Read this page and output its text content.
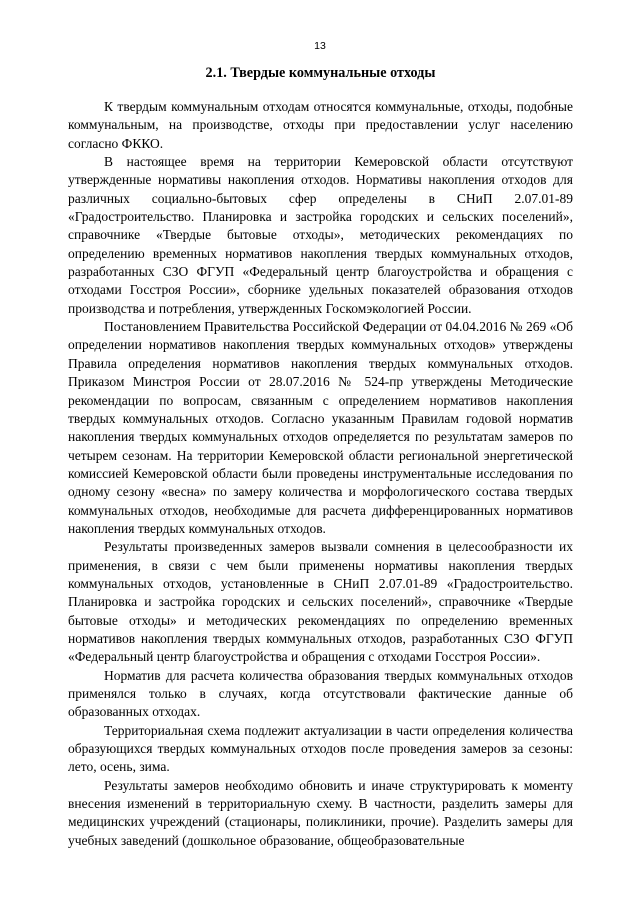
13
2.1. Твердые коммунальные отходы

К твердым коммунальным отходам относятся коммунальные, отходы, подобные коммунальным, на производстве, отходы при предоставлении услуг населению согласно ФККО.

В настоящее время на территории Кемеровской области отсутствуют утвержденные нормативы накопления отходов. Нормативы накопления отходов для различных социально-бытовых сфер определены в СНиП 2.07.01-89 «Градостроительство. Планировка и застройка городских и сельских поселений», справочнике «Твердые бытовые отходы», методических рекомендациях по определению временных нормативов накопления твердых коммунальных отходов, разработанных СЗО ФГУП «Федеральный центр благоустройства и обращения с отходами Госстроя России», сборнике удельных показателей образования отходов производства и потребления, утвержденных Госкомэкологией России.

Постановлением Правительства Российской Федерации от 04.04.2016 № 269 «Об определении нормативов накопления твердых коммунальных отходов» утверждены Правила определения нормативов накопления твердых коммунальных отходов. Приказом Минстроя России от 28.07.2016 № 524-пр утверждены Методические рекомендации по вопросам, связанным с определением нормативов накопления твердых коммунальных отходов. Согласно указанным Правилам годовой норматив накопления твердых коммунальных отходов определяется по результатам замеров по четырем сезонам. На территории Кемеровской области региональной энергетической комиссией Кемеровской области были проведены инструментальные исследования по одному сезону «весна» по замеру количества и морфологического состава твердых коммунальных отходов, необходимые для расчета дифференцированных нормативов накопления твердых коммунальных отходов.

Результаты произведенных замеров вызвали сомнения в целесообразности их применения, в связи с чем были применены нормативы накопления твердых коммунальных отходов, установленные в СНиП 2.07.01-89 «Градостроительство. Планировка и застройка городских и сельских поселений», справочнике «Твердые бытовые отходы» и методических рекомендациях по определению временных нормативов накопления твердых коммунальных отходов, разработанных СЗО ФГУП «Федеральный центр благоустройства и обращения с отходами Госстроя России».

Норматив для расчета количества образования твердых коммунальных отходов применялся только в случаях, когда отсутствовали фактические данные об образованных отходах.

Территориальная схема подлежит актуализации в части определения количества образующихся твердых коммунальных отходов после проведения замеров за сезоны: лето, осень, зима.

Результаты замеров необходимо обновить и иначе структурировать к моменту внесения изменений в территориальную схему. В частности, разделить замеры для медицинских учреждений (стационары, поликлиники, прочие). Разделить замеры для учебных заведений (дошкольное образование, общеобразовательные
